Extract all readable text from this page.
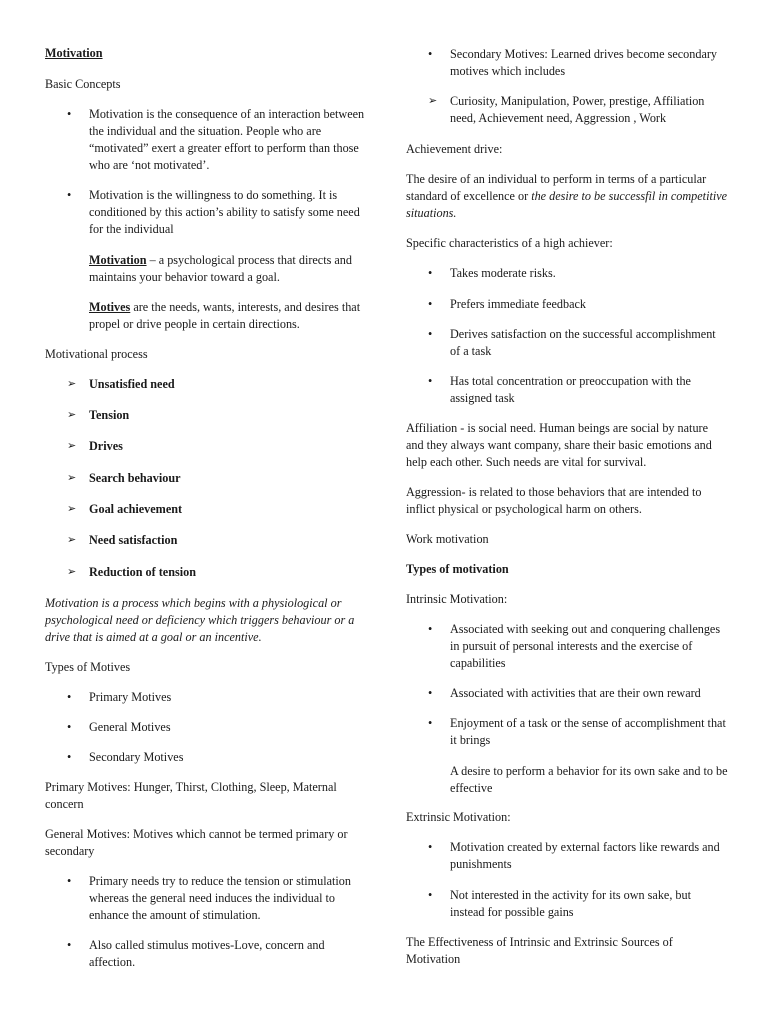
Motivation

Basic Concepts

•	Motivation is the consequence of an interaction between the individual and the situation. People who are “motivated” exert a greater effort to perform than those who are ‘not motivated’.
•	Motivation is the willingness to do something. It is conditioned by this action’s ability to satisfy some need for the individual

Motivation – a psychological process that directs and maintains your behavior toward a goal.

Motives are the needs, wants, interests, and desires that propel or drive people in certain directions.

Motivational process

➢	Unsatisfied need
➢	Tension
➢	Drives
➢	Search behaviour
➢	Goal achievement
➢	Need satisfaction
➢	Reduction of tension

Motivation is a process which begins with a physiological or psychological need or deficiency which triggers behaviour or a drive that is aimed at a goal or an incentive.

Types of Motives

•	Primary Motives
•	General Motives
•	Secondary Motives

Primary Motives: Hunger, Thirst, Clothing, Sleep, Maternal concern

General Motives: Motives which cannot be termed primary or secondary

•	Primary needs try to reduce the tension or stimulation whereas the general need induces the individual to enhance the amount of stimulation.
•	Also called stimulus motives-Love, concern and affection.
•	Secondary Motives: Learned drives become secondary motives which includes
➢	Curiosity, Manipulation, Power, prestige, Affiliation need, Achievement need, Aggression , Work

Achievement drive:

The desire of an individual to perform in terms of a particular standard of excellence or the desire to be successfil in competitive situations.

Specific characteristics of a high achiever:

•	Takes moderate risks.
•	Prefers immediate feedback
•	Derives satisfaction on the successful accomplishment of a task
•	Has total concentration or preoccupation with the assigned task

Affiliation - is social need. Human beings are social by nature and they always want company, share their basic emotions and help each other. Such needs are vital for survival.

Aggression- is related to those behaviors that are intended to inflict physical or psychological harm on others.

Work motivation

Types of motivation

Intrinsic Motivation:

•	Associated with seeking out and conquering challenges in pursuit of personal interests and the exercise of capabilities
•	Associated with activities that are their own reward
•	Enjoyment of a task or the sense of accomplishment that it brings

A desire to perform a behavior for its own sake and to be effective

Extrinsic Motivation:

•	Motivation created by external factors like rewards and punishments
•	Not interested in the activity for its own sake, but instead for possible gains

The Effectiveness of Intrinsic and Extrinsic Sources of Motivation
